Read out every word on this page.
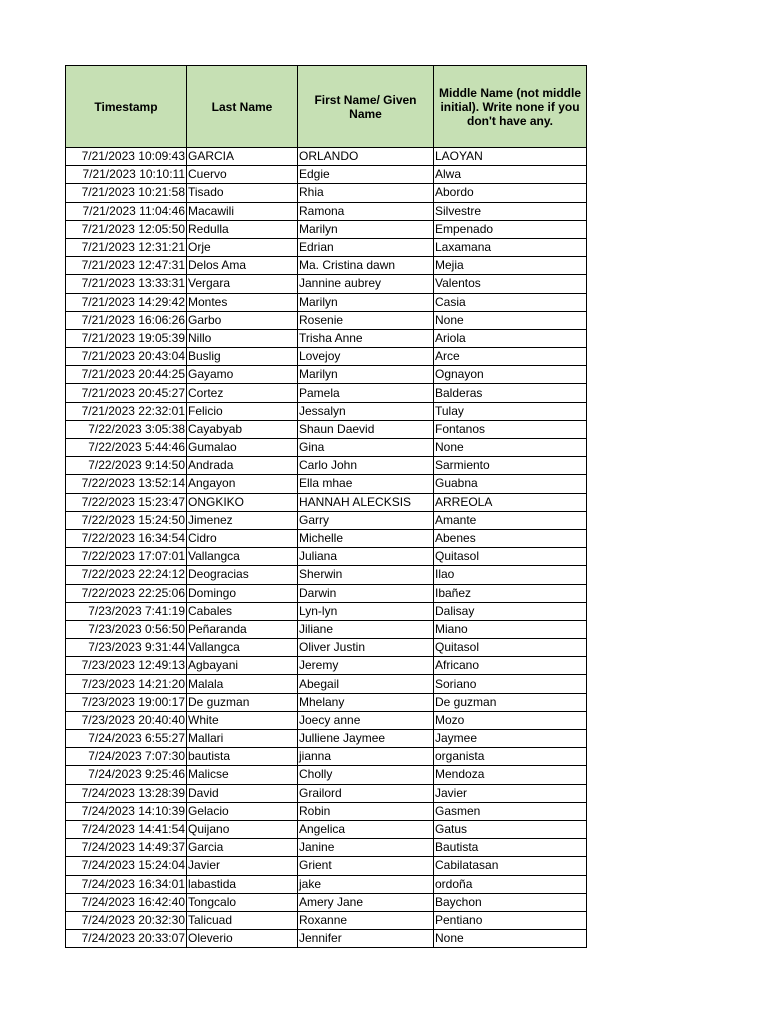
Timestamp	Last Name	First Name/ Given Name	Middle Name (not middle initial). Write none if you don't have any.
7/21/2023 10:09:43	GARCIA	ORLANDO	LAOYAN
7/21/2023 10:10:11	Cuervo	Edgie	Alwa
7/21/2023 10:21:58	Tisado	Rhia	Abordo
7/21/2023 11:04:46	Macawili	Ramona	Silvestre
7/21/2023 12:05:50	Redulla	Marilyn	Empenado
7/21/2023 12:31:21	Orje	Edrian	Laxamana
7/21/2023 12:47:31	Delos Ama	Ma. Cristina dawn	Mejia
7/21/2023 13:33:31	Vergara	Jannine aubrey	Valentos
7/21/2023 14:29:42	Montes	Marilyn	Casia
7/21/2023 16:06:26	Garbo	Rosenie	None
7/21/2023 19:05:39	Nillo	Trisha Anne	Ariola
7/21/2023 20:43:04	Buslig	Lovejoy	Arce
7/21/2023 20:44:25	Gayamo	Marilyn	Ognayon
7/21/2023 20:45:27	Cortez	Pamela	Balderas
7/21/2023 22:32:01	Felicio	Jessalyn	Tulay
7/22/2023 3:05:38	Cayabyab	Shaun Daevid	Fontanos
7/22/2023 5:44:46	Gumalao	Gina	None
7/22/2023 9:14:50	Andrada	Carlo John	Sarmiento
7/22/2023 13:52:14	Angayon	Ella mhae	Guabna
7/22/2023 15:23:47	ONGKIKO	HANNAH ALECKSIS	ARREOLA
7/22/2023 15:24:50	Jimenez	Garry	Amante
7/22/2023 16:34:54	Cidro	Michelle	Abenes
7/22/2023 17:07:01	Vallangca	Juliana	Quitasol
7/22/2023 22:24:12	Deogracias	Sherwin	Ilao
7/22/2023 22:25:06	Domingo	Darwin	Ibañez
7/23/2023 7:41:19	Cabales	Lyn-lyn	Dalisay
7/23/2023 0:56:50	Peñaranda	Jiliane	Miano
7/23/2023 9:31:44	Vallangca	Oliver Justin	Quitasol
7/23/2023 12:49:13	Agbayani	Jeremy	Africano
7/23/2023 14:21:20	Malala	Abegail	Soriano
7/23/2023 19:00:17	De guzman	Mhelany	De guzman
7/23/2023 20:40:40	White	Joecy anne	Mozo
7/24/2023 6:55:27	Mallari	Julliene Jaymee	Jaymee
7/24/2023 7:07:30	bautista	jianna	organista
7/24/2023 9:25:46	Malicse	Cholly	Mendoza
7/24/2023 13:28:39	David	Grailord	Javier
7/24/2023 14:10:39	Gelacio	Robin	Gasmen
7/24/2023 14:41:54	Quijano	Angelica	Gatus
7/24/2023 14:49:37	Garcia	Janine	Bautista
7/24/2023 15:24:04	Javier	Grient	Cabilatasan
7/24/2023 16:34:01	labastida	jake	ordoña
7/24/2023 16:42:40	Tongcalo	Amery Jane	Baychon
7/24/2023 20:32:30	Talicuad	Roxanne	Pentiano
7/24/2023 20:33:07	Oleverio	Jennifer	None
